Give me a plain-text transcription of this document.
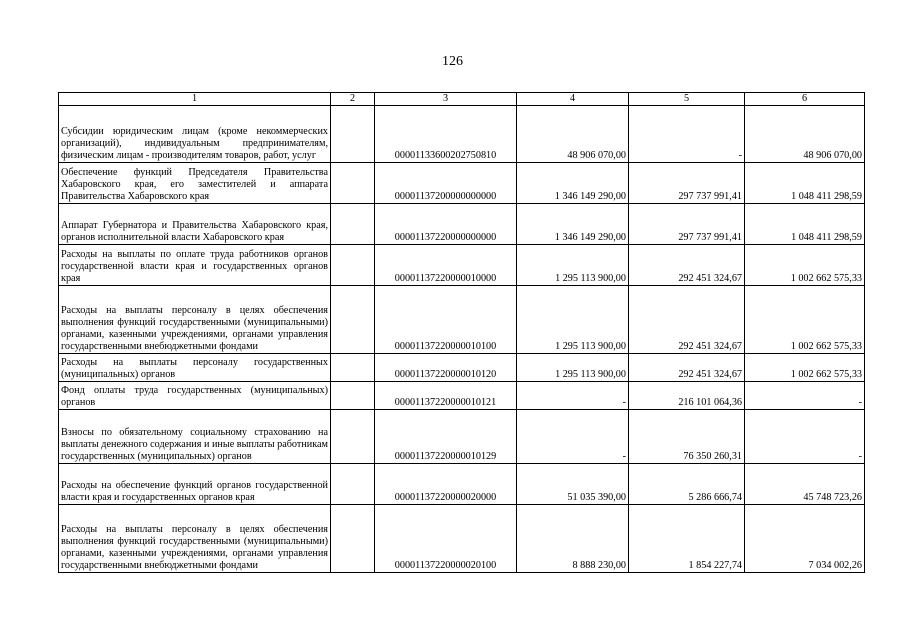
126
1	2	3	4	5	6
Субсидии юридическим лицам (кроме некоммерческих организаций), индивидуальным предпринимателям, физическим лицам - производителям товаров, работ, услуг		00001133600202750810	48 906 070,00	-	48 906 070,00
Обеспечение функций Председателя Правительства Хабаровского края, его заместителей и аппарата Правительства Хабаровского края		00001137200000000000	1 346 149 290,00	297 737 991,41	1 048 411 298,59
Аппарат Губернатора и Правительства Хабаровского края, органов исполнительной власти Хабаровского края		00001137220000000000	1 346 149 290,00	297 737 991,41	1 048 411 298,59
Расходы на выплаты по оплате труда работников органов государственной власти края и государственных органов края		00001137220000010000	1 295 113 900,00	292 451 324,67	1 002 662 575,33
Расходы на выплаты персоналу в целях обеспечения выполнения функций государственными (муниципальными) органами, казенными учреждениями, органами управления государственными внебюджетными фондами		00001137220000010100	1 295 113 900,00	292 451 324,67	1 002 662 575,33
Расходы на выплаты персоналу государственных (муниципальных) органов		00001137220000010120	1 295 113 900,00	292 451 324,67	1 002 662 575,33
Фонд оплаты труда государственных (муниципальных) органов		00001137220000010121	-	216 101 064,36	-
Взносы по обязательному социальному страхованию на выплаты денежного содержания и иные выплаты работникам государственных (муниципальных) органов		00001137220000010129	-	76 350 260,31	-
Расходы на обеспечение функций органов государственной власти края и государственных органов края		00001137220000020000	51 035 390,00	5 286 666,74	45 748 723,26
Расходы на выплаты персоналу в целях обеспечения выполнения функций государственными (муниципальными) органами, казенными учреждениями, органами управления государственными внебюджетными фондами		00001137220000020100	8 888 230,00	1 854 227,74	7 034 002,26
